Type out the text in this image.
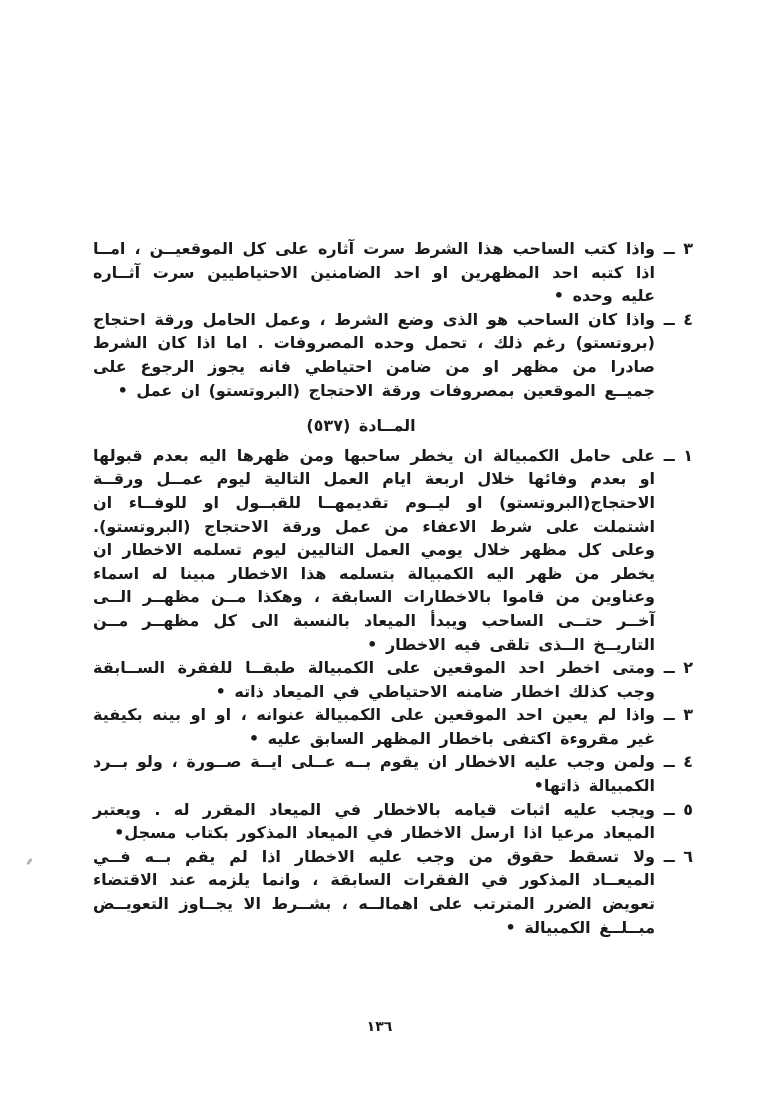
٣ ــ
واذا كتب الساحب هذا الشرط سرت آثاره على كل الموقعيــن ، امــا اذا كتبه احد المظهرين او احد الضامنين الاحتياطيين سرت آثــاره عليه وحده •
٤ ــ
واذا كان الساحب هو الذى وضع الشرط ، وعمل الحامل ورقة احتجاج (بروتستو) رغم ذلك ، تحمل وحده المصروفات . اما اذا كان الشرط صادرا من مظهر او من ضامن احتياطي فانه يجوز الرجوع على جميــع الموقعين بمصروفات ورقة الاحتجاج (البروتستو) ان عمل •
المــادة (٥٣٧)
١ ــ
على حامل الكمبيالة ان يخطر ساحبها ومن ظهرها اليه بعدم قبولها او بعدم وفائها خلال اربعة ايام العمل التالية ليوم عمــل ورقــة الاحتجاج(البروتستو) او ليــوم تقديمهــا للقبــول او للوفــاء ان اشتملت على شرط الاعفاء من عمل ورقة الاحتجاج (البروتستو). وعلى كل مظهر خلال يومي العمل التاليين ليوم تسلمه الاخطار ان يخطر من ظهر اليه الكمبيالة بتسلمه هذا الاخطار مبينا له اسماء وعناوين من قاموا بالاخطارات السابقة ، وهكذا مــن مظهــر الــى آخــر حتــى الساحب ويبدأ الميعاد بالنسبة الى كل مظهــر مــن التاريــخ الــذى تلقى فيه الاخطار •
٢ ــ
ومتى اخطر احد الموقعين على الكمبيالة طبقــا للفقرة الســابقة وجب كذلك اخطار ضامنه الاحتياطي في الميعاد ذاته •
٣ ــ
واذا لم يعين احد الموقعين على الكمبيالة عنوانه ، او او بينه بكيفية غير مقروءة اكتفى باخطار المظهر السابق عليه •
٤ ــ
ولمن وجب عليه الاخطار ان يقوم بــه عــلى ايــة صــورة ، ولو بــرد الكمبيالة ذاتها•
٥ ــ
ويجب عليه اثبات قيامه بالاخطار في الميعاد المقرر له . ويعتبر الميعاد مرعيا اذا ارسل الاخطار في الميعاد المذكور بكتاب مسجل•
٦ ــ
ولا تسقط حقوق من وجب عليه الاخطار اذا لم يقم بــه فــي الميعــاد المذكور في الفقرات السابقة ، وانما يلزمه عند الاقتضاء تعويض الضرر المترتب على اهمالــه ، بشــرط الا يجــاوز التعويــض مبــلــغ الكمبيالة •
١٣٦
